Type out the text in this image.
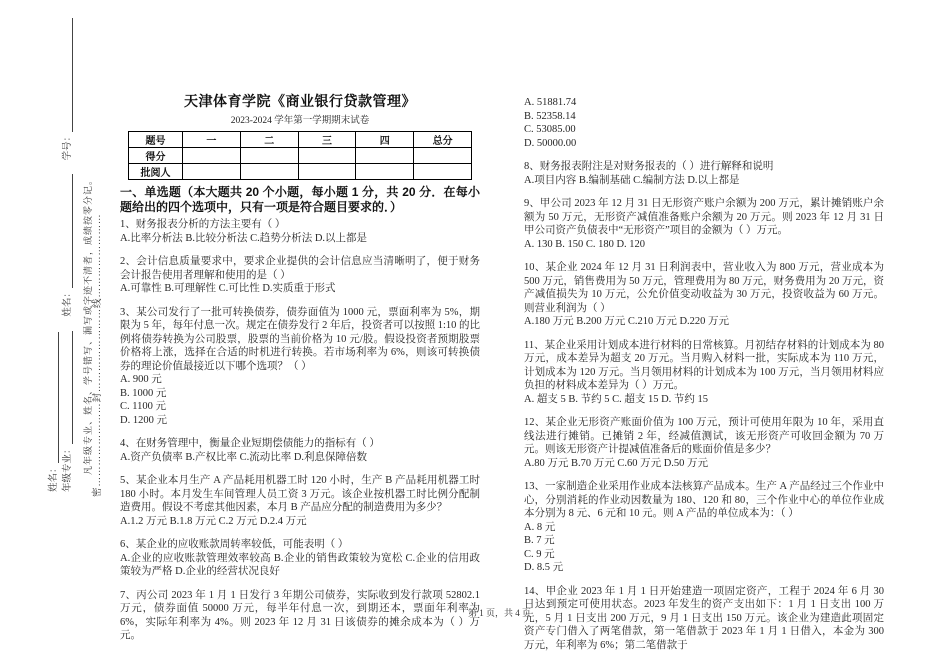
姓名： 年级专业：
姓名：
学号：
凡年级专业、姓名、学号错写、漏写或字迹不清者，成绩按零分记。 密……………………封……………………线……………………
天津体育学院《商业银行贷款管理》
2023-2024 学年第一学期期末试卷
题号	一	二	三	四	总分
得分					
批阅人					
一、单选题（本大题共 20 个小题，每小题 1 分，共 20 分．在每小题给出的四个选项中，只有一项是符合题目要求的．）

1、财务报表分析的方法主要有（ ）

A.比率分析法 B.比较分析法 C.趋势分析法 D.以上都是

2、会计信息质量要求中，要求企业提供的会计信息应当清晰明了，便于财务会计报告使用者理解和使用的是（ ）

A.可靠性 B.可理解性 C.可比性 D.实质重于形式

3、某公司发行了一批可转换债券，债券面值为 1000 元，票面利率为 5%，期限为 5 年，每年付息一次。规定在债券发行 2 年后，投资者可以按照 1:10 的比例将债券转换为公司股票，股票的当前价格为 10 元/股。假设投资者预期股票价格将上涨，选择在合适的时机进行转换。若市场利率为 6%，则该可转换债券的理论价值最接近以下哪个选项？（ ）

A. 900 元

B. 1000 元

C. 1100 元

D. 1200 元

4、在财务管理中，衡量企业短期偿债能力的指标有（ ）

A.资产负债率 B.产权比率 C.流动比率 D.利息保障倍数

5、某企业本月生产 A 产品耗用机器工时 120 小时，生产 B 产品耗用机器工时 180 小时。本月发生车间管理人员工资 3 万元。该企业按机器工时比例分配制造费用。假设不考虑其他因素，本月 B 产品应分配的制造费用为多少？

A.1.2 万元 B.1.8 万元 C.2 万元 D.2.4 万元

6、某企业的应收账款周转率较低，可能表明（ ）

A.企业的应收账款管理效率较高 B.企业的销售政策较为宽松 C.企业的信用政策较为严格 D.企业的经营状况良好

7、丙公司 2023 年 1 月 1 日发行 3 年期公司债券，实际收到发行款项 52802.1 万元，债券面值 50000 万元，每半年付息一次，到期还本，票面年利率为 6%，实际年利率为 4%。则 2023 年 12 月 31 日该债券的摊余成本为（ ）万元。

A. 51881.74

B. 52358.14

C. 53085.00

D. 50000.00

8、财务报表附注是对财务报表的（ ）进行解释和说明

A.项目内容 B.编制基础 C.编制方法 D.以上都是

9、甲公司 2023 年 12 月 31 日无形资产账户余额为 200 万元，累计摊销账户余额为 50 万元，无形资产减值准备账户余额为 20 万元。则 2023 年 12 月 31 日甲公司资产负债表中“无形资产”项目的金额为（ ）万元。

A. 130 B. 150 C. 180 D. 120

10、某企业 2024 年 12 月 31 日利润表中，营业收入为 800 万元，营业成本为 500 万元，销售费用为 50 万元，管理费用为 80 万元，财务费用为 20 万元，资产减值损失为 10 万元，公允价值变动收益为 30 万元，投资收益为 60 万元。则营业利润为（ ）

A.180 万元 B.200 万元 C.210 万元 D.220 万元

11、某企业采用计划成本进行材料的日常核算。月初结存材料的计划成本为 80 万元，成本差异为超支 20 万元。当月购入材料一批，实际成本为 110 万元，计划成本为 120 万元。当月领用材料的计划成本为 100 万元，当月领用材料应负担的材料成本差异为（ ）万元。

A. 超支 5 B. 节约 5 C. 超支 15 D. 节约 15

12、某企业无形资产账面价值为 100 万元，预计可使用年限为 10 年，采用直线法进行摊销。已摊销 2 年，经减值测试，该无形资产可收回金额为 70 万元。则该无形资产计提减值准备后的账面价值是多少？

A.80 万元 B.70 万元 C.60 万元 D.50 万元

13、一家制造企业采用作业成本法核算产品成本。生产 A 产品经过三个作业中心，分别消耗的作业动因数量为 180、120 和 80，三个作业中心的单位作业成本分别为 8 元、6 元和 10 元。则 A 产品的单位成本为：（ ）

A. 8 元

B. 7 元

C. 9 元

D. 8.5 元

14、甲企业 2023 年 1 月 1 日开始建造一项固定资产，工程于 2024 年 6 月 30 日达到预定可使用状态。2023 年发生的资产支出如下：1 月 1 日支出 100 万元，5 月 1 日支出 200 万元，9 月 1 日支出 150 万元。该企业为建造此项固定资产专门借入了两笔借款，第一笔借款于 2023 年 1 月 1 日借入，本金为 300 万元，年利率为 6%；第二笔借款于

第 1 页，共 4 页
